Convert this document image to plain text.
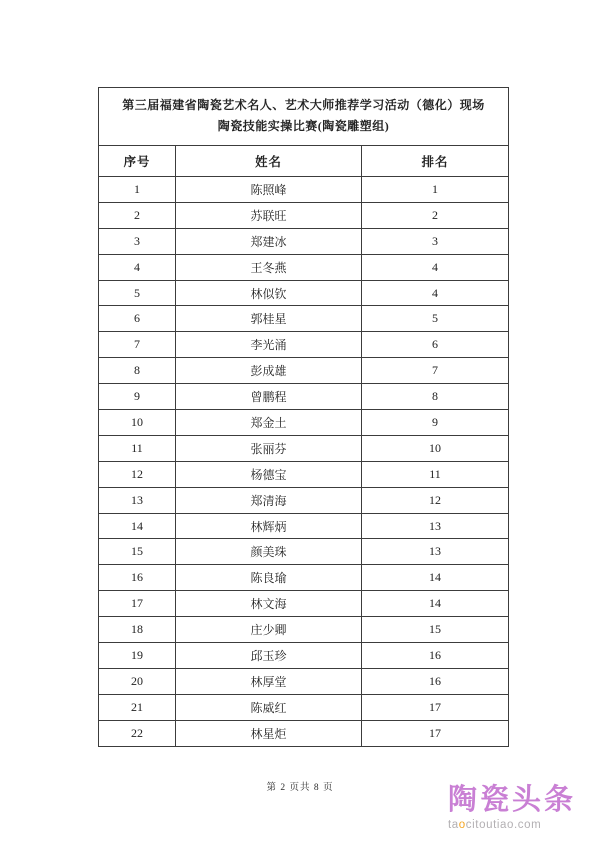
第三届福建省陶瓷艺术名人、艺术大师推荐学习活动（德化）现场
陶瓷技能实操比赛(陶瓷雕塑组)		

序号	姓名	排名
1	陈照峰	1
2	苏联旺	2
3	郑建冰	3
4	王冬燕	4
5	林似钦	4
6	郭桂星	5
7	李光涌	6
8	彭成雄	7
9	曾鹏程	8
10	郑金土	9
11	张丽芬	10
12	杨德宝	11
13	郑清海	12
14	林辉炳	13
15	颜美珠	13
16	陈良瑜	14
17	林文海	14
18	庄少卿	15
19	邱玉珍	16
20	林厚堂	16
21	陈威红	17
22	林星炬	17
第 2 页共 8 页	陶瓷头条
taocitoutiao.com
